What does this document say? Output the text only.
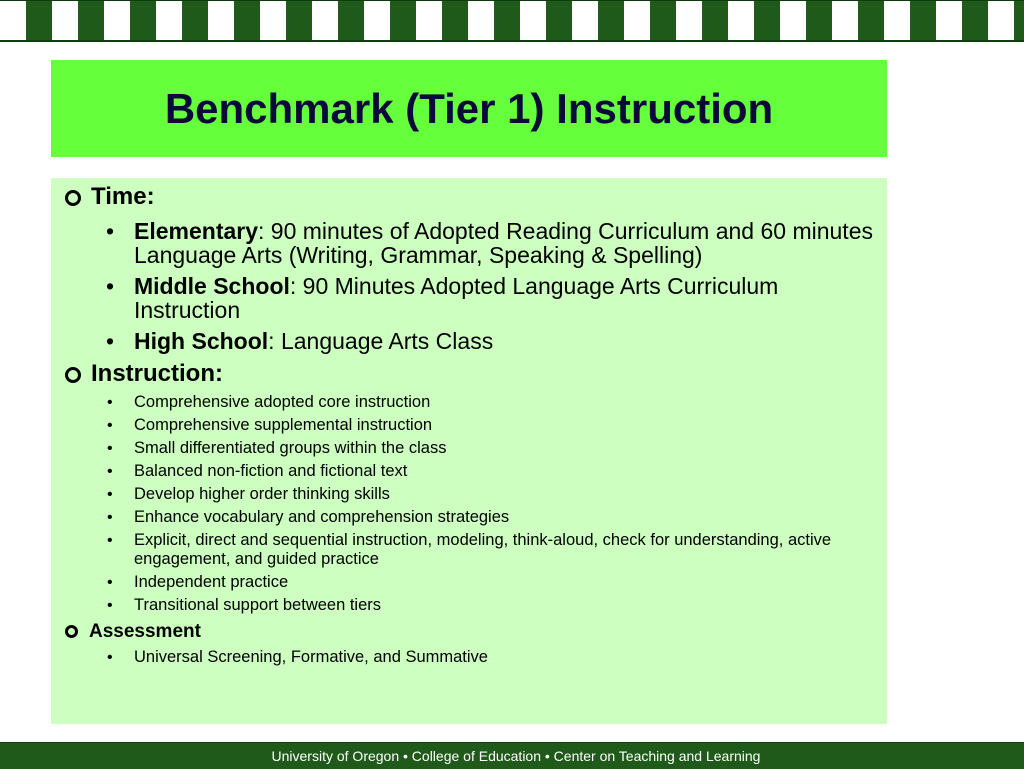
Benchmark (Tier 1) Instruction
Time:
• Elementary: 90 minutes of Adopted Reading Curriculum and 60 minutes Language Arts (Writing, Grammar, Speaking & Spelling)
• Middle School: 90 Minutes Adopted Language Arts Curriculum Instruction
• High School: Language Arts Class
Instruction:
• Comprehensive adopted core instruction
• Comprehensive supplemental instruction
• Small differentiated groups within the class
• Balanced non-fiction and fictional text
• Develop higher order thinking skills
• Enhance vocabulary and comprehension strategies
• Explicit, direct and sequential instruction, modeling, think-aloud, check for understanding, active engagement, and guided practice
• Independent practice
• Transitional support between tiers
Assessment
• Universal Screening, Formative, and Summative
University of Oregon • College of Education • Center on Teaching and Learning
